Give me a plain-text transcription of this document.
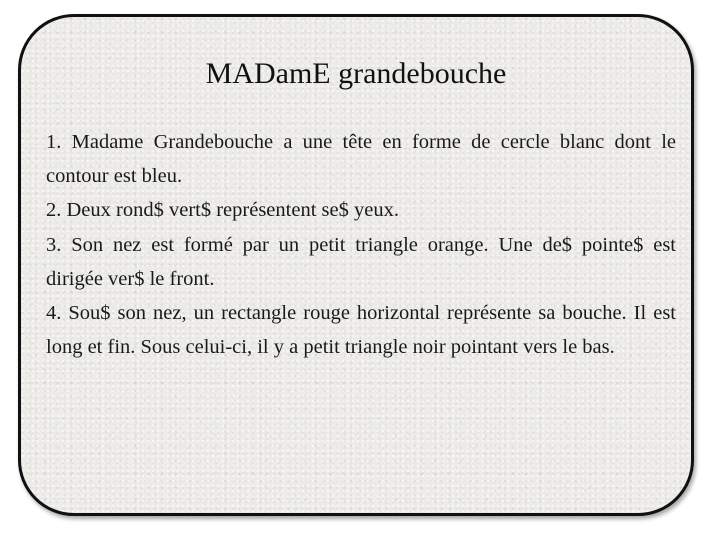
MADamE grandebouche
1. Madame Grandebouche a une tête en forme de cercle blanc dont le contour est bleu.
2. Deux rond$ vert$ représentent se$ yeux.
3. Son nez est formé par un petit triangle orange. Une de$ pointe$ est dirigée ver$ le front.
4. Sou$ son nez, un rectangle rouge horizontal représente sa bouche. Il est long et fin. Sous celui-ci, il y a petit triangle noir pointant vers le bas.
